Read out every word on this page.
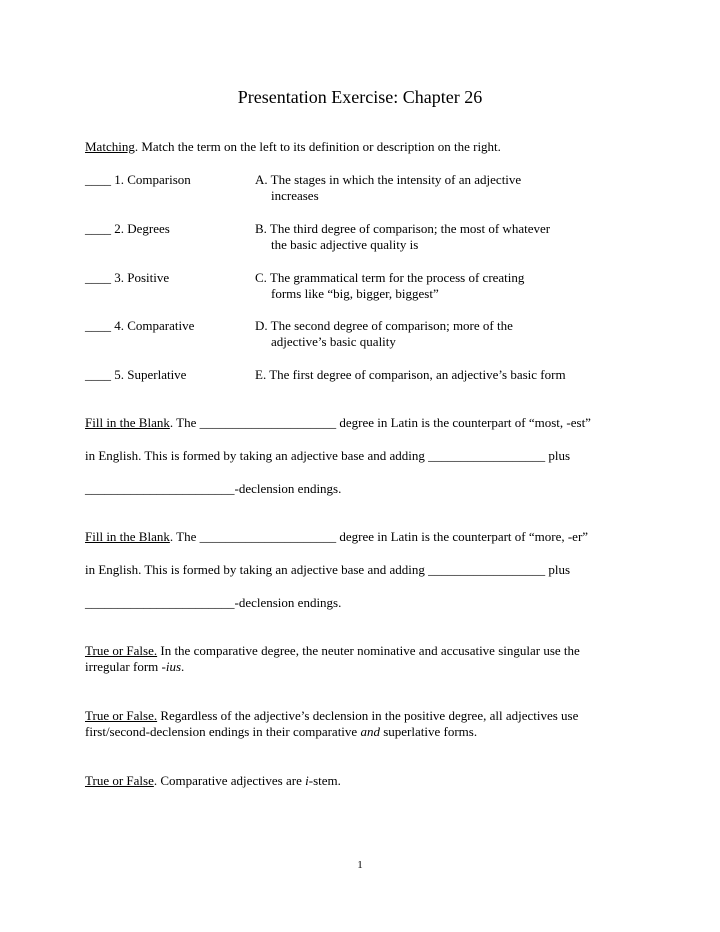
Presentation Exercise: Chapter 26
Matching. Match the term on the left to its definition or description on the right.
____ 1. Comparison	A. The stages in which the intensity of an adjective
increases
____ 2. Degrees	B. The third degree of comparison; the most of whatever
the basic adjective quality is
____ 3. Positive	C. The grammatical term for the process of creating
forms like “big, bigger, biggest”
____ 4. Comparative	D. The second degree of comparison; more of the
adjective’s basic quality
____ 5. Superlative	E. The first degree of comparison, an adjective’s basic form
Fill in the Blank. The _____________________ degree in Latin is the counterpart of “most, -est”
in English. This is formed by taking an adjective base and adding __________________ plus
_______________________-declension endings.
Fill in the Blank. The _____________________ degree in Latin is the counterpart of “more, -er”
in English. This is formed by taking an adjective base and adding __________________ plus
_______________________-declension endings.
True or False. In the comparative degree, the neuter nominative and accusative singular use the
irregular form -ius.
True or False. Regardless of the adjective’s declension in the positive degree, all adjectives use
first/second-declension endings in their comparative and superlative forms.
True or False. Comparative adjectives are i-stem.
1
